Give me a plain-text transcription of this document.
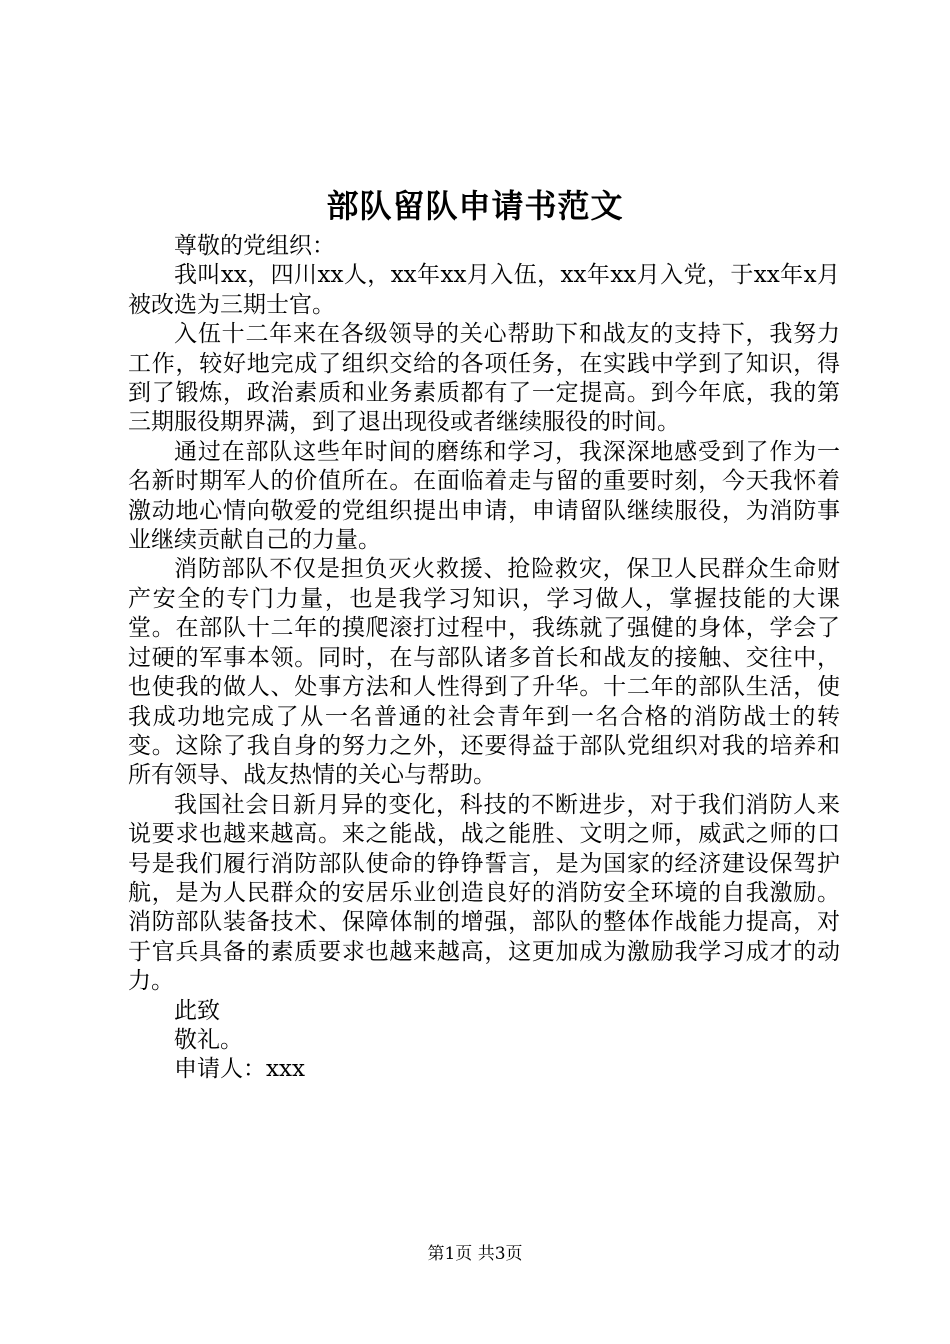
部队留队申请书范文

尊敬的党组织：

我叫xx，四川xx人，xx年xx月入伍，xx年xx月入党，于xx年x月被改选为三期士官。

入伍十二年来在各级领导的关心帮助下和战友的支持下，我努力工作，较好地完成了组织交给的各项任务，在实践中学到了知识，得到了锻炼，政治素质和业务素质都有了一定提高。到今年底，我的第三期服役期界满，到了退出现役或者继续服役的时间。

通过在部队这些年时间的磨练和学习，我深深地感受到了作为一名新时期军人的价值所在。在面临着走与留的重要时刻，今天我怀着激动地心情向敬爱的党组织提出申请，申请留队继续服役，为消防事业继续贡献自己的力量。

消防部队不仅是担负灭火救援、抢险救灾，保卫人民群众生命财产安全的专门力量，也是我学习知识，学习做人，掌握技能的大课堂。在部队十二年的摸爬滚打过程中，我练就了强健的身体，学会了过硬的军事本领。同时，在与部队诸多首长和战友的接触、交往中，也使我的做人、处事方法和人性得到了升华。十二年的部队生活，使我成功地完成了从一名普通的社会青年到一名合格的消防战士的转变。这除了我自身的努力之外，还要得益于部队党组织对我的培养和所有领导、战友热情的关心与帮助。

我国社会日新月异的变化，科技的不断进步，对于我们消防人来说要求也越来越高。来之能战，战之能胜、文明之师，威武之师的口号是我们履行消防部队使命的铮铮誓言，是为国家的经济建设保驾护航，是为人民群众的安居乐业创造良好的消防安全环境的自我激励。消防部队装备技术、保障体制的增强，部队的整体作战能力提高，对于官兵具备的素质要求也越来越高，这更加成为激励我学习成才的动力。

此致

敬礼。

申请人：xxx

第1页 共3页
